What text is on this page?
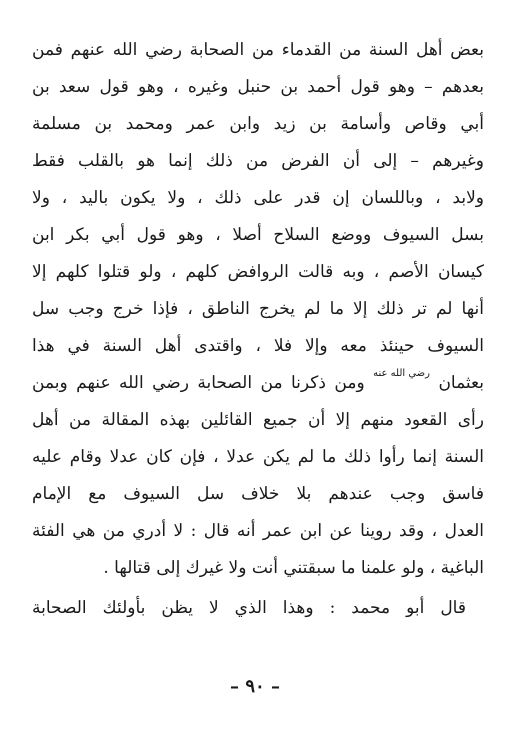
بعض أهل السنة من القدماء من الصحابة رضي الله عنهم فمن
بعدهم – وهو قول أحمد بن حنبل وغيره ، وهو قول سعد بن
أبي وقاص وأسامة بن زيد وابن عمر ومحمد بن مسلمة
وغيرهم – إلى أن الفرض من ذلك إنما هو بالقلب فقط
ولابد ، وباللسان إن قدر على ذلك ، ولا يكون باليد ، ولا
بسل السيوف ووضع السلاح أصلا ، وهو قول أبي بكر ابن
كيسان الأصم ، وبه قالت الروافض كلهم ، ولو قتلوا كلهم إلا
أنها لم تر ذلك إلا ما لم يخرج الناطق ، فإذا خرج وجب سل
السيوف حينئذ معه وإلا فلا ، واقتدى أهل السنة في هذا
بعثمان رضي الله عنه ومن ذكرنا من الصحابة رضي الله عنهم وبمن
رأى القعود منهم إلا أن جميع القائلين بهذه المقالة من أهل
السنة إنما رأوا ذلك ما لم يكن عدلا ، فإن كان عدلا وقام عليه
فاسق وجب عندهم بلا خلاف سل السيوف مع الإمام
العدل ، وقد روينا عن ابن عمر أنه قال : لا أدري من هي الفئة
الباغية ، ولو علمنا ما سبقتني أنت ولا غيرك إلى قتالها .
قال أبو محمد : وهذا الذي لا يظن بأولئك الصحابة
– ٩٠ –
